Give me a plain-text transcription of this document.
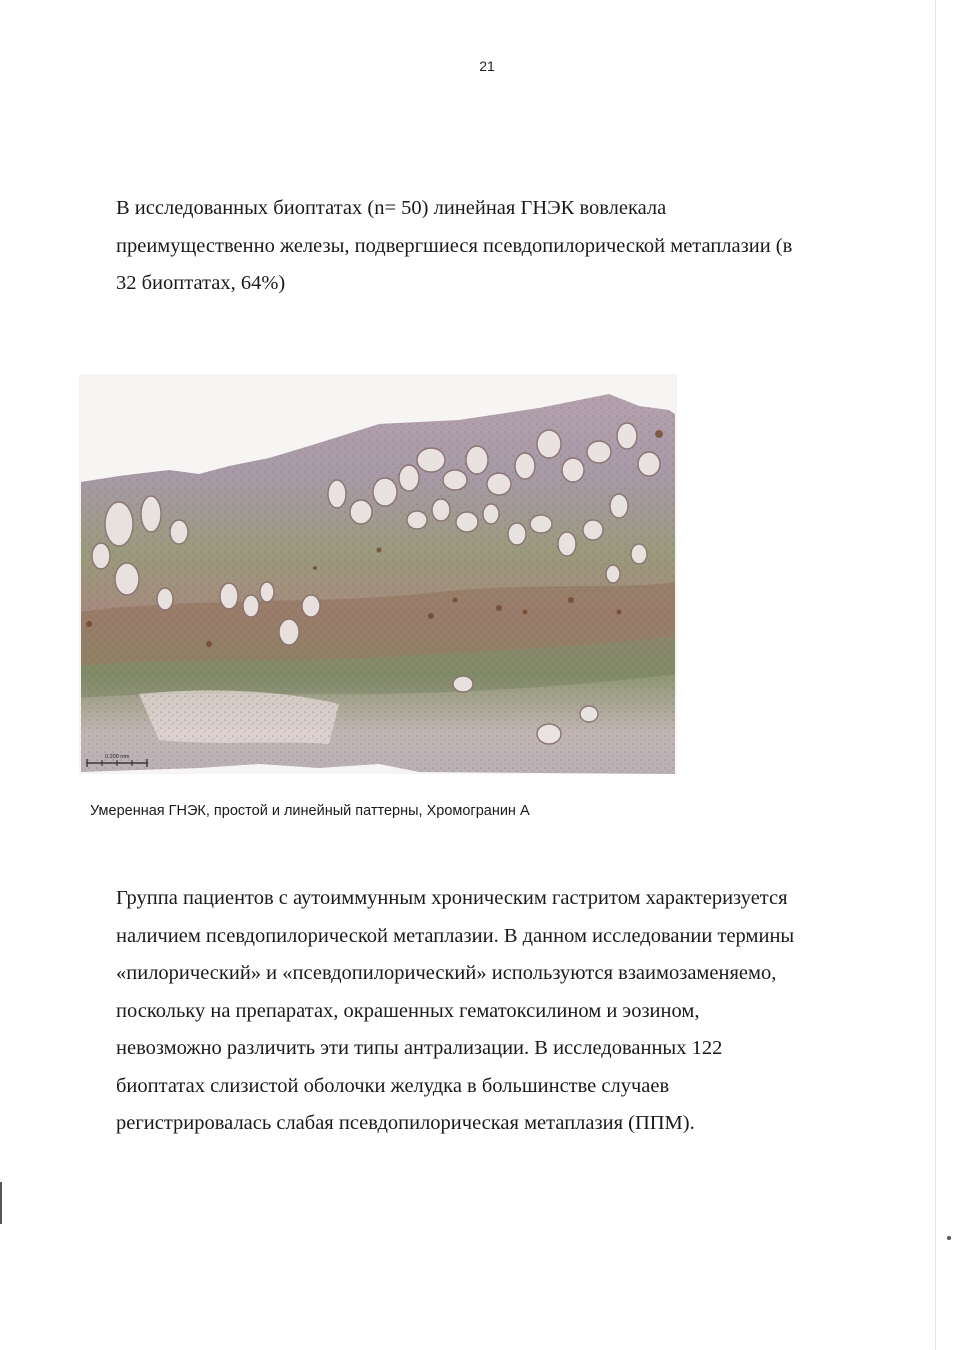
21
В исследованных биоптатах (n= 50) линейная ГНЭК вовлекала
преимущественно железы, подвергшиеся псевдопилорической метаплазии (в
32 биоптатах, 64%)
0.200 mm
Умеренная ГНЭК, простой и линейный паттерны, Хромогранин А
Группа пациентов с аутоиммунным хроническим гастритом характеризуется
наличием псевдопилорической метаплазии. В данном исследовании термины
«пилорический» и «псевдопилорический» используются взаимозаменяемо,
поскольку на препаратах, окрашенных гематоксилином и эозином,
невозможно различить эти типы антрализации. В исследованных 122
биоптатах слизистой оболочки желудка в большинстве случаев
регистрировалась слабая псевдопилорическая метаплазия (ППМ).
